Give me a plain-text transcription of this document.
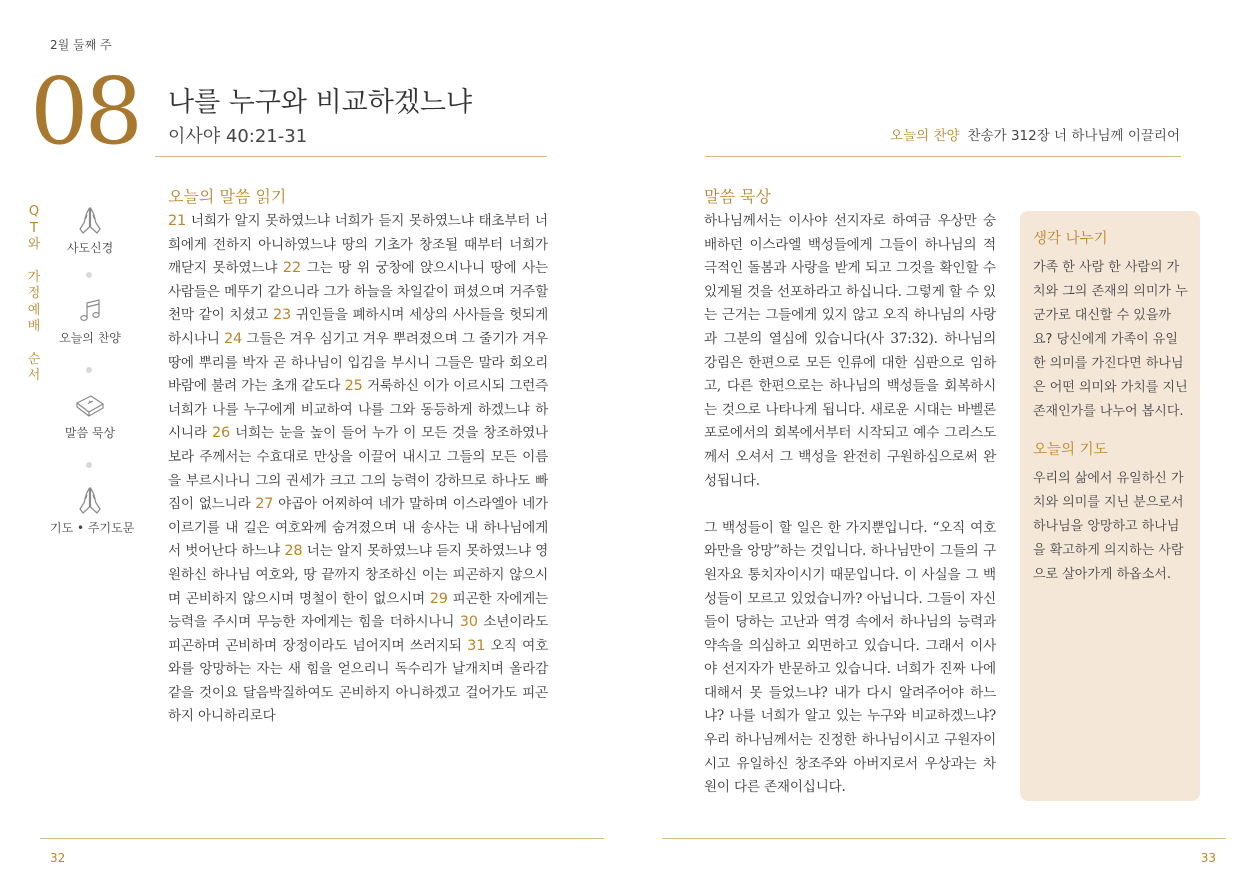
2월 둘째 주
08 나를 누구와 비교하겠느냐
이사야 40:21-31	오늘의 찬양 찬송가 312장 너 하나님께 이끌리어
Q
T
와
가
정
예
배
순
서
사도신경
오늘의 찬양
말씀 묵상
기도 • 주기도문
오늘의 말씀 읽기
21 너희가 알지 못하였느냐 너희가 듣지 못하였느냐 태초부터 너희에게 전하지 아니하였느냐 땅의 기초가 창조될 때부터 너희가 깨닫지 못하였느냐 22 그는 땅 위 궁창에 앉으시나니 땅에 사는 사람들은 메뚜기 같으니라 그가 하늘을 차일같이 펴셨으며 거주할 천막 같이 치셨고 23 귀인들을 폐하시며 세상의 사사들을 헛되게 하시나니 24 그들은 겨우 심기고 겨우 뿌려졌으며 그 줄기가 겨우 땅에 뿌리를 박자 곧 하나님이 입김을 부시니 그들은 말라 회오리바람에 불려 가는 초개 같도다 25 거룩하신 이가 이르시되 그런즉 너희가 나를 누구에게 비교하여 나를 그와 동등하게 하겠느냐 하시니라 26 너희는 눈을 높이 들어 누가 이 모든 것을 창조하였나 보라 주께서는 수효대로 만상을 이끌어 내시고 그들의 모든 이름을 부르시나니 그의 권세가 크고 그의 능력이 강하므로 하나도 빠짐이 없느니라 27 야곱아 어찌하여 네가 말하며 이스라엘아 네가 이르기를 내 길은 여호와께 숨겨졌으며 내 송사는 내 하나님에게서 벗어난다 하느냐 28 너는 알지 못하였느냐 듣지 못하였느냐 영원하신 하나님 여호와, 땅 끝까지 창조하신 이는 피곤하지 않으시며 곤비하지 않으시며 명철이 한이 없으시며 29 피곤한 자에게는 능력을 주시며 무능한 자에게는 힘을 더하시나니 30 소년이라도 피곤하며 곤비하며 장정이라도 넘어지며 쓰러지되 31 오직 여호와를 앙망하는 자는 새 힘을 얻으리니 독수리가 날개치며 올라감 같을 것이요 달음박질하여도 곤비하지 아니하겠고 걸어가도 피곤하지 아니하리로다
말씀 묵상

하나님께서는 이사야 선지자로 하여금 우상만 숭배하던 이스라엘 백성들에게 그들이 하나님의 적극적인 돌봄과 사랑을 받게 되고 그것을 확인할 수 있게될 것을 선포하라고 하십니다. 그렇게 할 수 있는 근거는 그들에게 있지 않고 오직 하나님의 사랑과 그분의 열심에 있습니다(사 37:32). 하나님의 강림은 한편으로 모든 인류에 대한 심판으로 임하고, 다른 한편으로는 하나님의 백성들을 회복하시는 것으로 나타나게 됩니다. 새로운 시대는 바벨론 포로에서의 회복에서부터 시작되고 예수 그리스도께서 오셔서 그 백성을 완전히 구원하심으로써 완성됩니다.

그 백성들이 할 일은 한 가지뿐입니다. “오직 여호와만을 앙망”하는 것입니다. 하나님만이 그들의 구원자요 통치자이시기 때문입니다. 이 사실을 그 백성들이 모르고 있었습니까? 아닙니다. 그들이 자신들이 당하는 고난과 역경 속에서 하나님의 능력과 약속을 의심하고 외면하고 있습니다. 그래서 이사야 선지자가 반문하고 있습니다. 너희가 진짜 나에 대해서 못 들었느냐? 내가 다시 알려주어야 하느냐? 나를 너희가 알고 있는 누구와 비교하겠느냐? 우리 하나님께서는 진정한 하나님이시고 구원자이시고 유일하신 창조주와 아버지로서 우상과는 차원이 다른 존재이십니다.

생각 나누기
가족 한 사람 한 사람의 가치와 그의 존재의 의미가 누군가로 대신할 수 있을까요? 당신에게 가족이 유일한 의미를 가진다면 하나님은 어떤 의미와 가치를 지닌 존재인가를 나누어 봅시다.
오늘의 기도
우리의 삶에서 유일하신 가치와 의미를 지닌 분으로서 하나님을 앙망하고 하나님을 확고하게 의지하는 사람으로 살아가게 하옵소서.
32	33
